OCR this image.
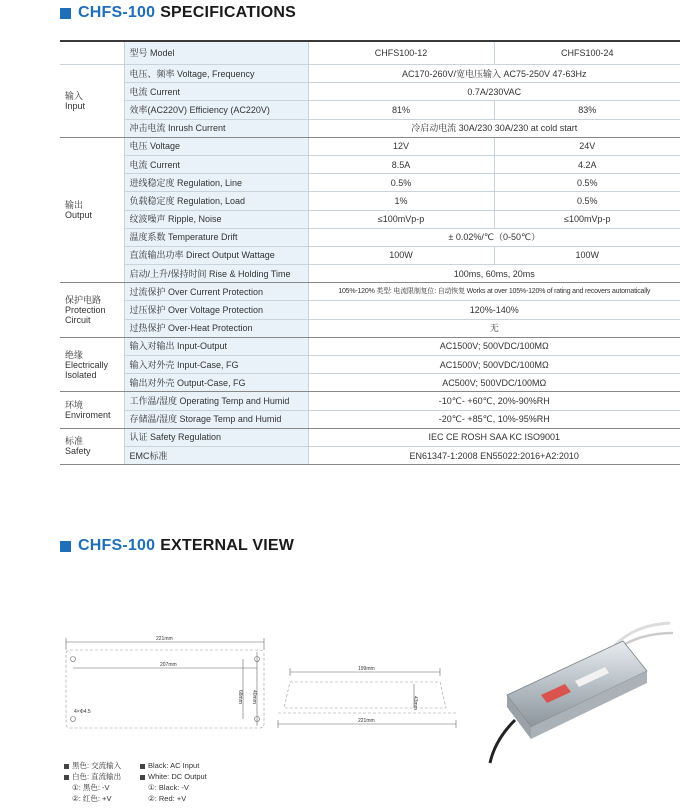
CHFS-100 SPECIFICATIONS
	型号 Model	CHFS100-12	CHFS100-24

输入
Input	电压、频率 Voltage, Frequency	AC170-260V/宽电压输入 AC75-250V 47-63Hz	
	电流 Current	0.7A/230VAC	
	效率(AC220V) Efficiency (AC220V)	81%	83%
	冲击电流 Inrush Current	冷启动电流 30A/230 30A/230 at cold start	

输出
Output	电压 Voltage	12V	24V
	电流 Current	8.5A	4.2A
	进线稳定度 Regulation, Line	0.5%	0.5%
	负载稳定度 Regulation, Load	1%	0.5%
	纹波噪声 Ripple, Noise	≤100mVp-p	≤100mVp-p
	温度系数 Temperature Drift	± 0.02%/℃（0-50℃）	
	直流输出功率 Direct Output Wattage	100W	100W
	启动/上升/保持时间 Rise & Holding Time	100ms, 60ms, 20ms	

保护电路
Protection
Circuit	过流保护 Over Current Protection	105%-120% 类型: 电流限制复位: 自动恢复 Works at over 105%-120% of rating and recovers automatically	
	过压保护 Over Voltage Protection	120%-140%	
	过热保护 Over-Heat Protection	无	

绝缘
Electrically
Isolated	输入对输出 Input-Output	AC1500V; 500VDC/100MΩ	
	输入对外壳 Input-Case, FG	AC1500V; 500VDC/100MΩ	
	输出对外壳 Output-Case, FG	AC500V; 500VDC/100MΩ	

环境
Enviroment	工作温/湿度 Operating Temp and Humid	-10℃- +60℃, 20%-90%RH	
	存储温/湿度 Storage Temp and Humid	-20℃- +85℃, 10%-95%RH	

标准
Safety	认证 Safety Regulation	IEC CE ROSH SAA KC ISO9001	
	EMC标准	EN61347-1:2008 EN55022:2016+A2:2010	
CHFS-100 EXTERNAL VIEW
221mm
207mm
68mm 40mm
4×Φ4.5
199mm
43mm
221mm
黑色: 交流输入
白色: 直流输出
①: 黑色: -V
②: 红色: +V
Black: AC Input
White: DC Output
①: Black: -V
②: Red: +V
